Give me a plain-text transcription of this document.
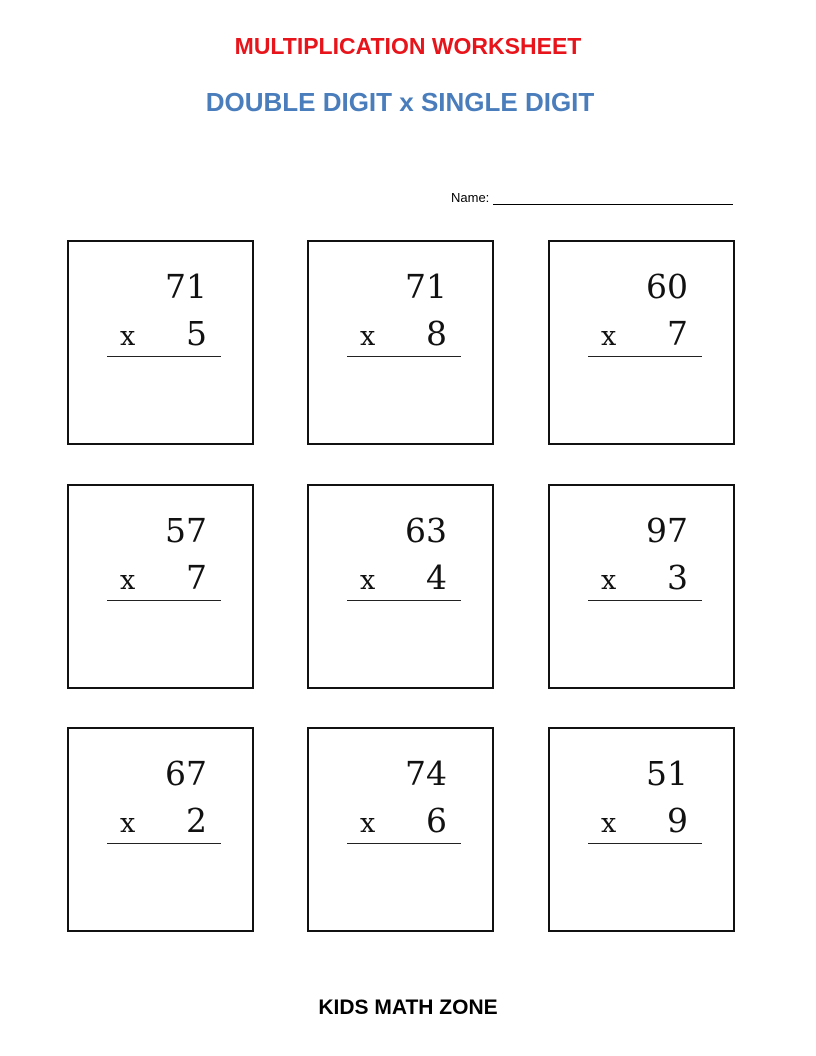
MULTIPLICATION WORKSHEET
DOUBLE DIGIT x SINGLE DIGIT
Name:
71
x 5
71
x 8
60
x 7
57
x 7
63
x 4
97
x 3
67
x 2
74
x 6
51
x 9

KIDS MATH ZONE
